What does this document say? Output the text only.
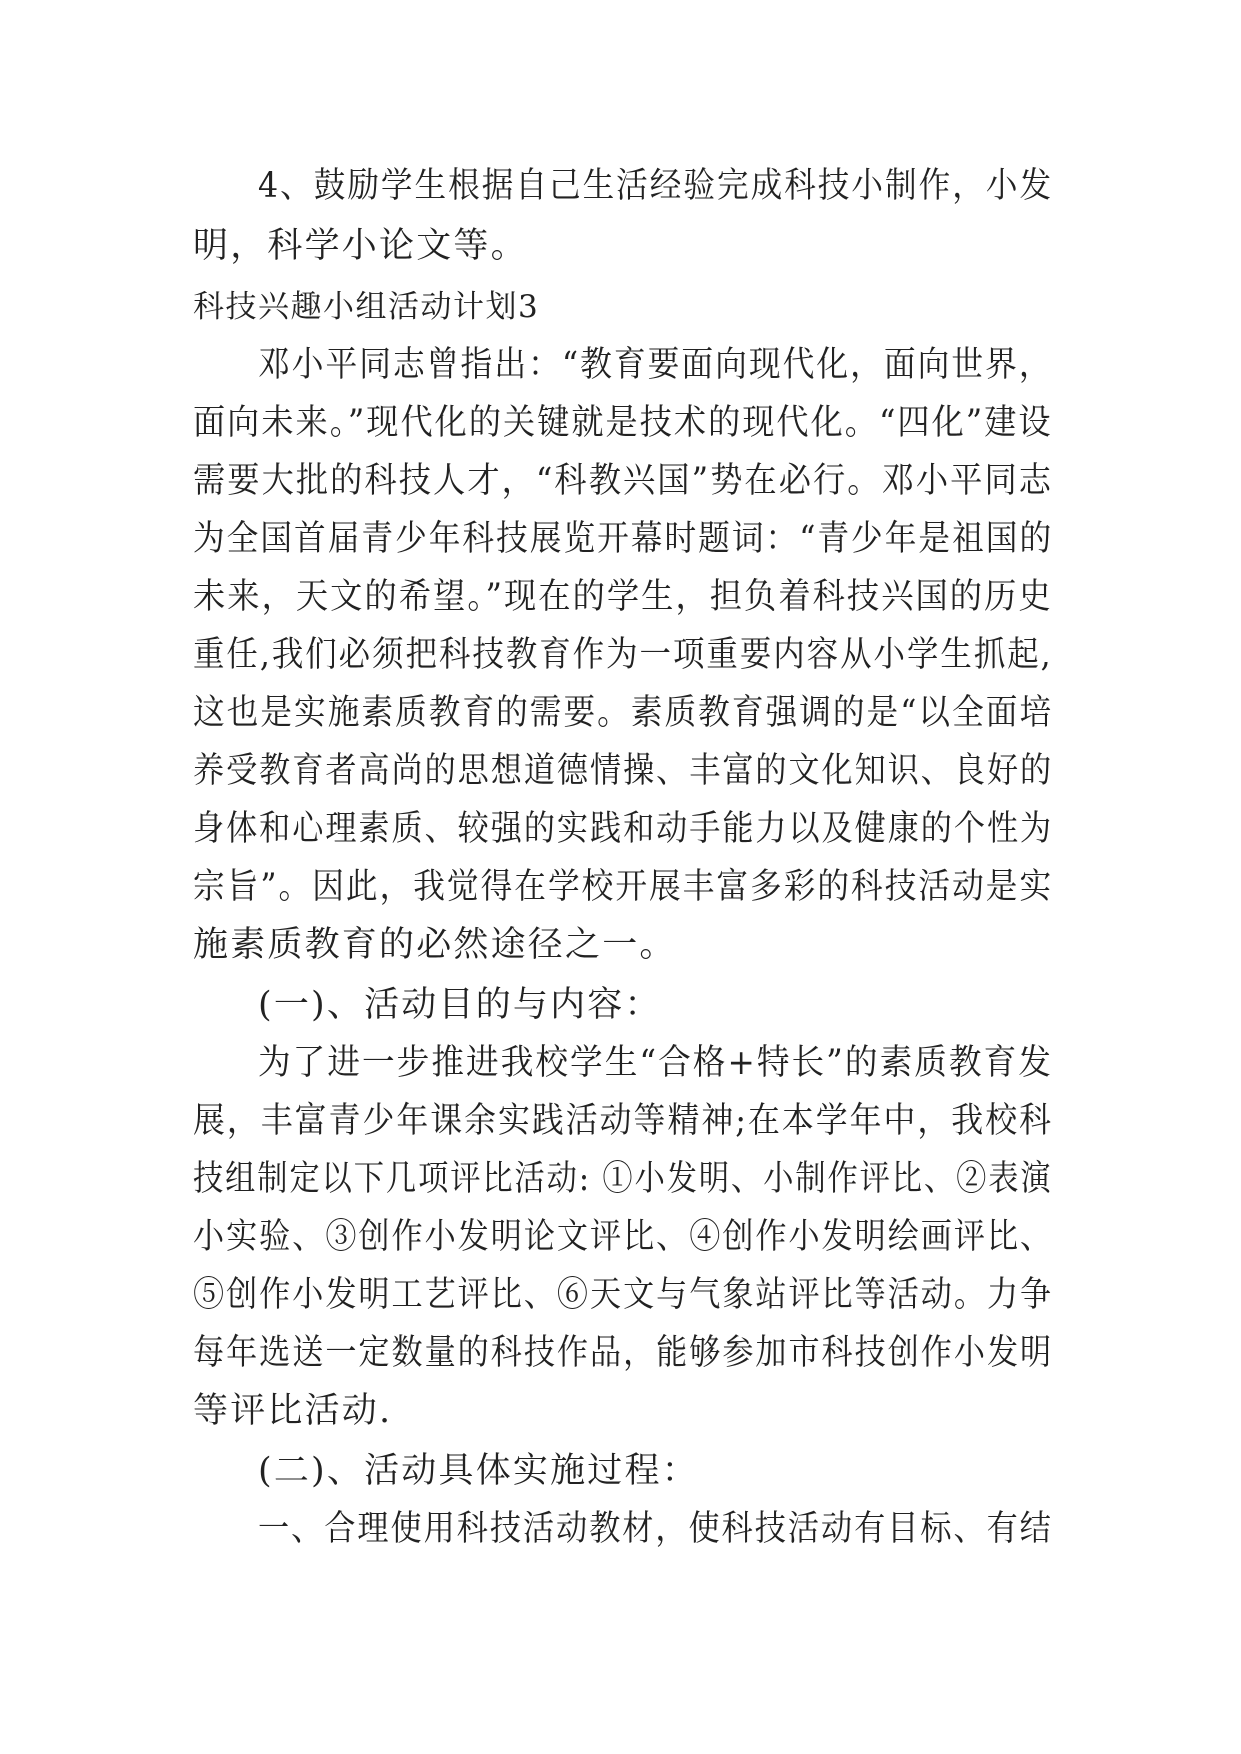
4、鼓励学生根据自己生活经验完成科技小制作，小发
明，科学小论文等。
科技兴趣小组活动计划3
邓小平同志曾指出：“教育要面向现代化，面向世界，
面向未来。”现代化的关键就是技术的现代化。“四化”建设
需要大批的科技人才，“科教兴国”势在必行。邓小平同志
为全国首届青少年科技展览开幕时题词：“青少年是祖国的
未来，天文的希望。”现在的学生，担负着科技兴国的历史
重任,我们必须把科技教育作为一项重要内容从小学生抓起,
这也是实施素质教育的需要。素质教育强调的是“以全面培
养受教育者高尚的思想道德情操、丰富的文化知识、良好的
身体和心理素质、较强的实践和动手能力以及健康的个性为
宗旨”。因此，我觉得在学校开展丰富多彩的科技活动是实
施素质教育的必然途径之一。
(一)、活动目的与内容：
为了进一步推进我校学生“合格+特长”的素质教育发
展，丰富青少年课余实践活动等精神;在本学年中，我校科
技组制定以下几项评比活动: ①小发明、小制作评比、②表演
小实验、③创作小发明论文评比、④创作小发明绘画评比、
⑤创作小发明工艺评比、⑥天文与气象站评比等活动。力争
每年选送一定数量的科技作品，能够参加市科技创作小发明
等评比活动.
(二)、活动具体实施过程：
一、合理使用科技活动教材，使科技活动有目标、有结
